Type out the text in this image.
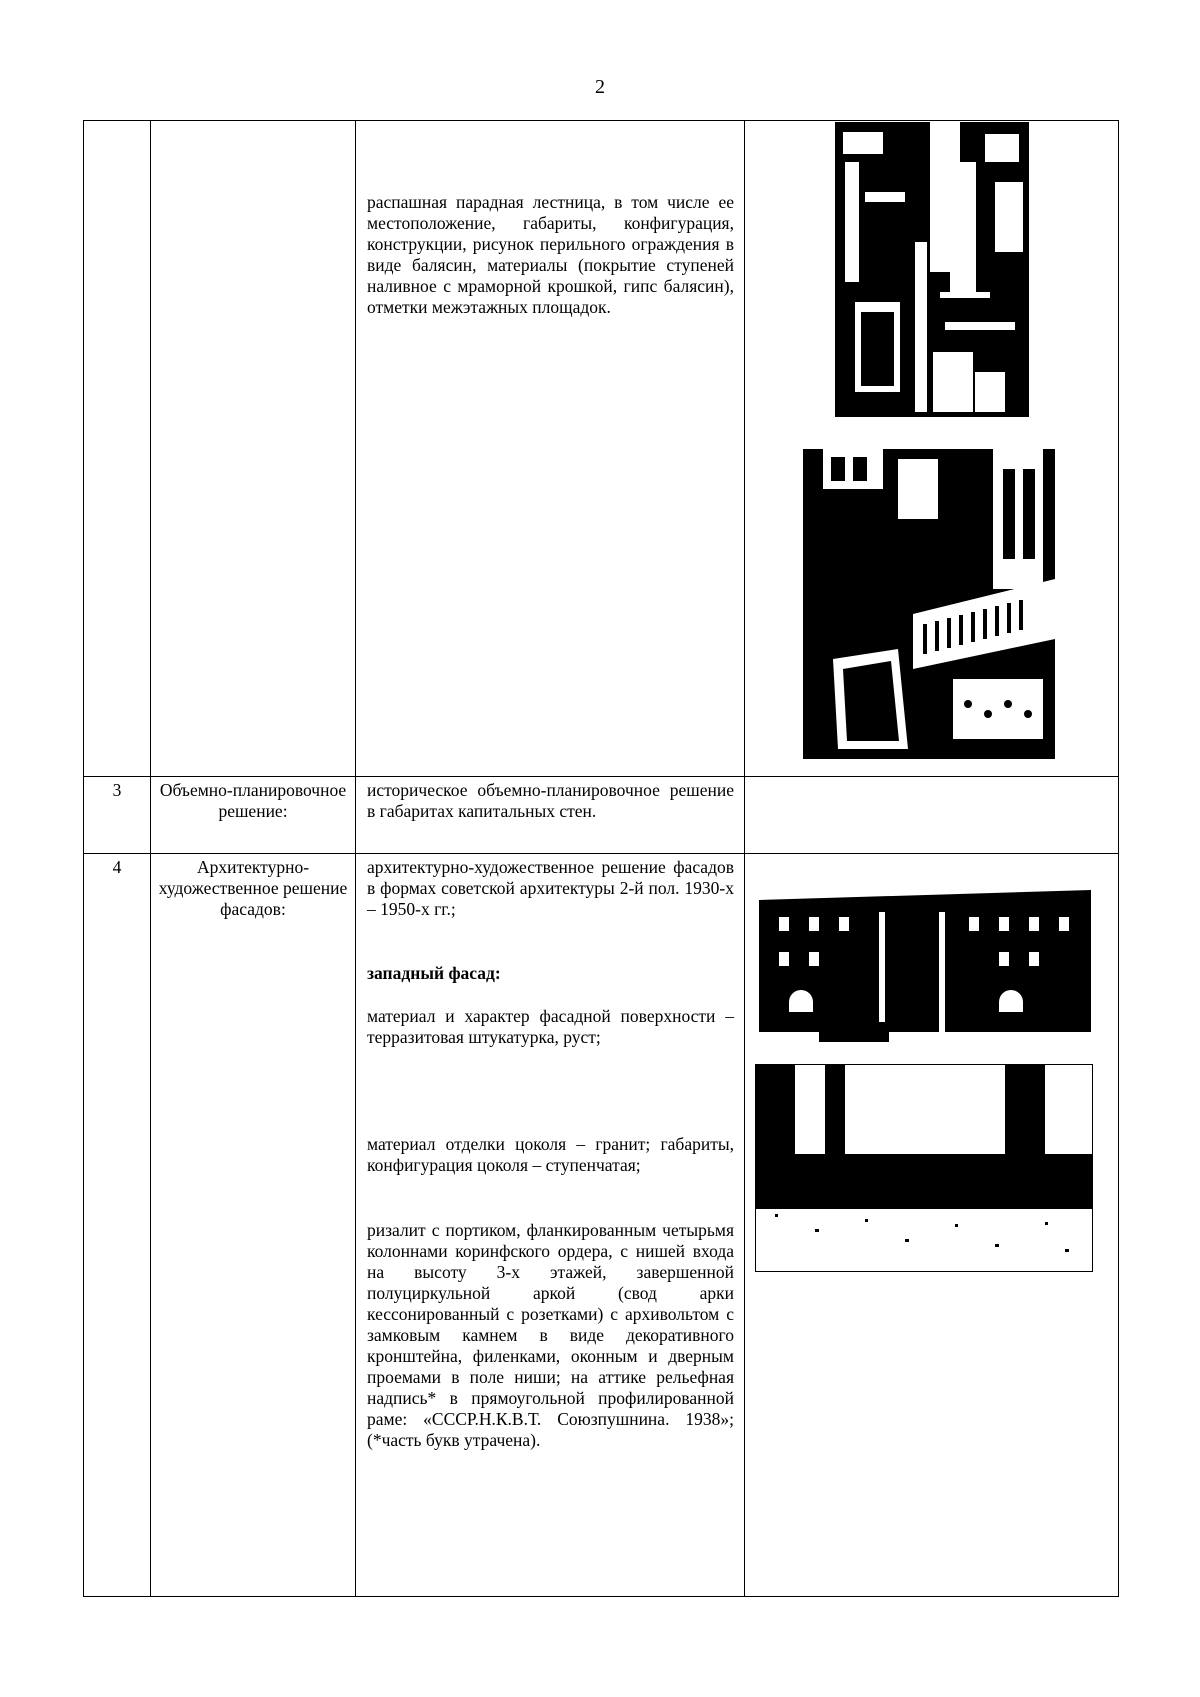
2

		распашная парадная лестница, в том числе ее местоположение, габариты, конфигурация, конструкции, рисунок перильного ограждения в виде балясин, материалы (покрытие ступеней наливное с мраморной крошкой, гипс балясин), отметки межэтажных площадок.

3	Объемно-планировочное решение:	историческое объемно-планировочное решение в габаритах капитальных стен.	

4	Архитектурно-художественное решение фасадов:	архитектурно-художественное решение фасадов в формах советской архитектуры 2-й пол. 1930-х – 1950-х гг.;

западный фасад:

материал и характер фасадной поверхности – терразитовая штукатурка, руст;

материал отделки цоколя – гранит; габариты, конфигурация цоколя – ступенчатая;

ризалит с портиком, фланкированным четырьмя колоннами коринфского ордера, с нишей входа на высоту 3-х этажей, завершенной полуциркульной аркой (свод арки кессонированный с розетками) с архивольтом с замковым камнем в виде декоративного кронштейна, филенками, оконным и дверным проемами в поле ниши; на аттике рельефная надпись* в прямоугольной профилированной раме: «СССР.Н.К.В.Т. Союзпушнина. 1938»; (*часть букв утрачена).
